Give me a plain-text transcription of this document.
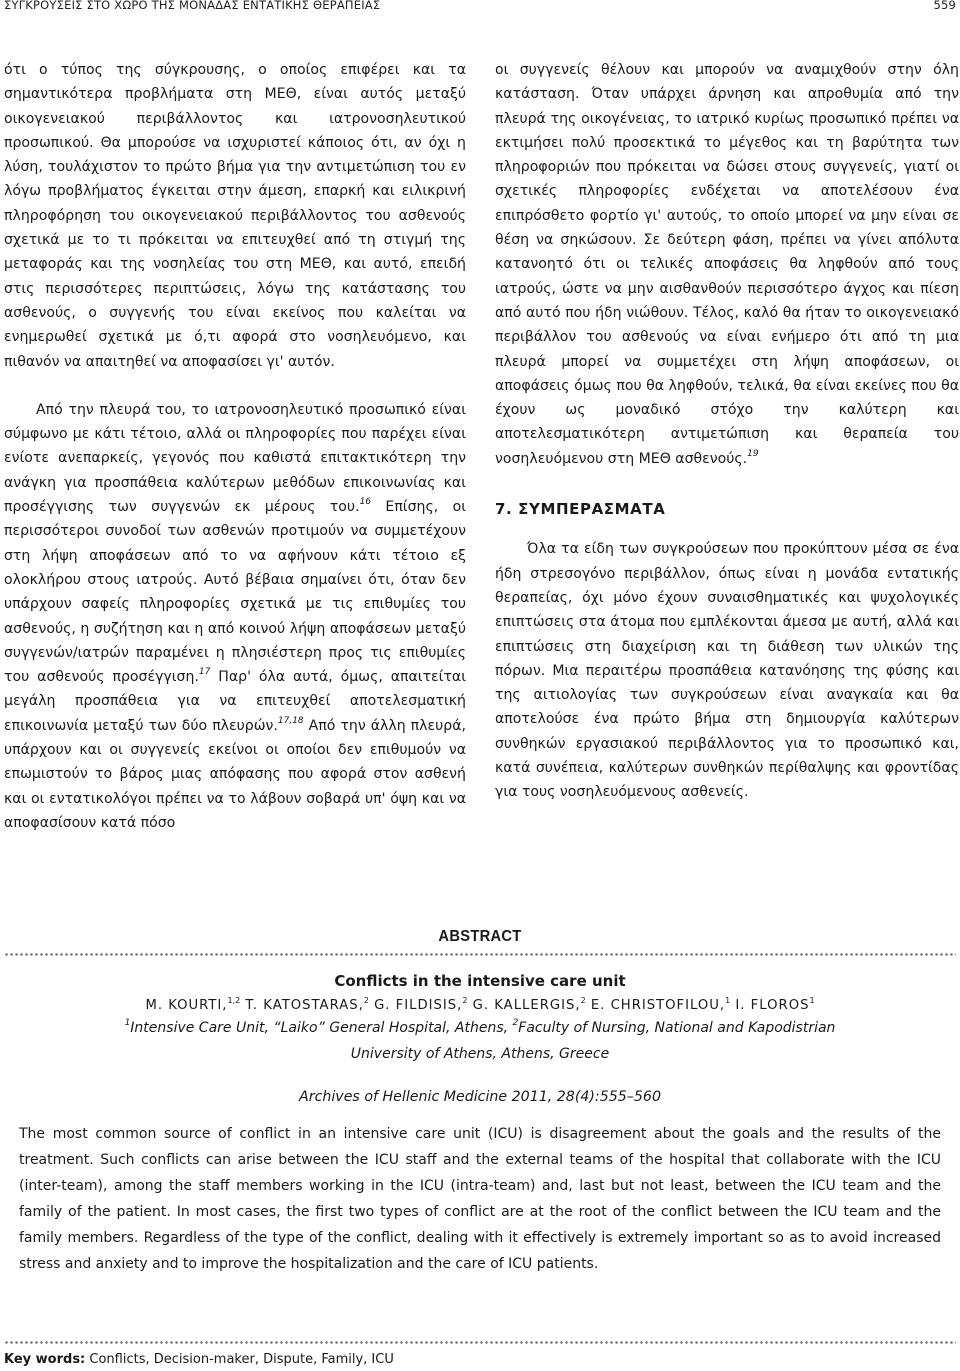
ΣΥΓΚΡΟΥΣΕΙΣ ΣΤΟ ΧΩΡΟ ΤΗΣ ΜΟΝΑΔΑΣ ΕΝΤΑΤΙΚΗΣ ΘΕΡΑΠΕΙΑΣ	559

ότι ο τύπος της σύγκρουσης, ο οποίος επιφέρει και τα σημαντικότερα προβλήματα στη ΜΕΘ, είναι αυτός μεταξύ οικογενειακού περιβάλλοντος και ιατρονοσηλευτικού προσωπικού. Θα μπορούσε να ισχυριστεί κάποιος ότι, αν όχι η λύση, τουλάχιστον το πρώτο βήμα για την αντιμετώπιση του εν λόγω προβλήματος έγκειται στην άμεση, επαρκή και ειλικρινή πληροφόρηση του οικογενειακού περιβάλλοντος του ασθενούς σχετικά με το τι πρόκειται να επιτευχθεί από τη στιγμή της μεταφοράς και της νοσηλείας του στη ΜΕΘ, και αυτό, επειδή στις περισσότερες περιπτώσεις, λόγω της κατάστασης του ασθενούς, ο συγγενής του είναι εκείνος που καλείται να ενημερωθεί σχετικά με ό,τι αφορά στο νοσηλευόμενο, και πιθανόν να απαιτηθεί να αποφασίσει γι' αυτόν.

Από την πλευρά του, το ιατρονοσηλευτικό προσωπικό είναι σύμφωνο με κάτι τέτοιο, αλλά οι πληροφορίες που παρέχει είναι ενίοτε ανεπαρκείς, γεγονός που καθιστά επιτακτικότερη την ανάγκη για προσπάθεια καλύτερων μεθόδων επικοινωνίας και προσέγγισης των συγγενών εκ μέρους του.$^{16}$ Επίσης, οι περισσότεροι συνοδοί των ασθενών προτιμούν να συμμετέχουν στη λήψη αποφάσεων από το να αφήνουν κάτι τέτοιο εξ ολοκλήρου στους ιατρούς. Αυτό βέβαια σημαίνει ότι, όταν δεν υπάρχουν σαφείς πληροφορίες σχετικά με τις επιθυμίες του ασθενούς, η συζήτηση και η από κοινού λήψη αποφάσεων μεταξύ συγγενών/ιατρών παραμένει η πλησιέστερη προς τις επιθυμίες του ασθενούς προσέγγιση.$^{17}$ Παρ' όλα αυτά, όμως, απαιτείται μεγάλη προσπάθεια για να επιτευχθεί αποτελεσματική επικοινωνία μεταξύ των δύο πλευρών.$^{17,18}$ Από την άλλη πλευρά, υπάρχουν και οι συγγενείς εκείνοι οι οποίοι δεν επιθυμούν να επωμιστούν το βάρος μιας απόφασης που αφορά στον ασθενή και οι εντατικολόγοι πρέπει να το λάβουν σοβαρά υπ' όψη και να αποφασίσουν κατά πόσο

οι συγγενείς θέλουν και μπορούν να αναμιχθούν στην όλη κατάσταση. Όταν υπάρχει άρνηση και απροθυμία από την πλευρά της οικογένειας, το ιατρικό κυρίως προσωπικό πρέπει να εκτιμήσει πολύ προσεκτικά το μέγεθος και τη βαρύτητα των πληροφοριών που πρόκειται να δώσει στους συγγενείς, γιατί οι σχετικές πληροφορίες ενδέχεται να αποτελέσουν ένα επιπρόσθετο φορτίο γι' αυτούς, το οποίο μπορεί να μην είναι σε θέση να σηκώσουν. Σε δεύτερη φάση, πρέπει να γίνει απόλυτα κατανοητό ότι οι τελικές αποφάσεις θα ληφθούν από τους ιατρούς, ώστε να μην αισθανθούν περισσότερο άγχος και πίεση από αυτό που ήδη νιώθουν. Τέλος, καλό θα ήταν το οικογενειακό περιβάλλον του ασθενούς να είναι ενήμερο ότι από τη μια πλευρά μπορεί να συμμετέχει στη λήψη αποφάσεων, οι αποφάσεις όμως που θα ληφθούν, τελικά, θα είναι εκείνες που θα έχουν ως μοναδικό στόχο την καλύτερη και αποτελεσματικότερη αντιμετώπιση και θεραπεία του νοσηλευόμενου στη ΜΕΘ ασθενούς.$^{19}$

7. ΣΥΜΠΕΡΑΣΜΑΤΑ

Όλα τα είδη των συγκρούσεων που προκύπτουν μέσα σε ένα ήδη στρεσογόνο περιβάλλον, όπως είναι η μονάδα εντατικής θεραπείας, όχι μόνο έχουν συναισθηματικές και ψυχολογικές επιπτώσεις στα άτομα που εμπλέκονται άμεσα με αυτή, αλλά και επιπτώσεις στη διαχείριση και τη διάθεση των υλικών της πόρων. Μια περαιτέρω προσπάθεια κατανόησης της φύσης και της αιτιολογίας των συγκρούσεων είναι αναγκαία και θα αποτελούσε ένα πρώτο βήμα στη δημιουργία καλύτερων συνθηκών εργασιακού περιβάλλοντος για το προσωπικό και, κατά συνέπεια, καλύτερων συνθηκών περίθαλψης και φροντίδας για τους νοσηλευόμενους ασθενείς.

ABSTRACT
Conflicts in the intensive care unit
M. KOURTI,$^{1,2}$ T. KATOSTARAS,$^2$ G. FILDISIS,$^2$ G. KALLERGIS,$^2$ E. CHRISTOFILOU,$^1$ I. FLOROS$^1$
$^1$Intensive Care Unit, “Laiko” General Hospital, Athens, $^2$Faculty of Nursing, National and Kapodistrian
University of Athens, Athens, Greece
Archives of Hellenic Medicine 2011, 28(4):555–560
The most common source of conflict in an intensive care unit (ICU) is disagreement about the goals and the results of the treatment. Such conflicts can arise between the ICU staff and the external teams of the hospital that collaborate with the ICU (inter-team), among the staff members working in the ICU (intra-team) and, last but not least, between the ICU team and the family of the patient. In most cases, the first two types of conflict are at the root of the conflict between the ICU team and the family members. Regardless of the type of the conflict, dealing with it effectively is extremely important so as to avoid increased stress and anxiety and to improve the hospitalization and the care of ICU patients.
Key words: Conflicts, Decision-maker, Dispute, Family, ICU
